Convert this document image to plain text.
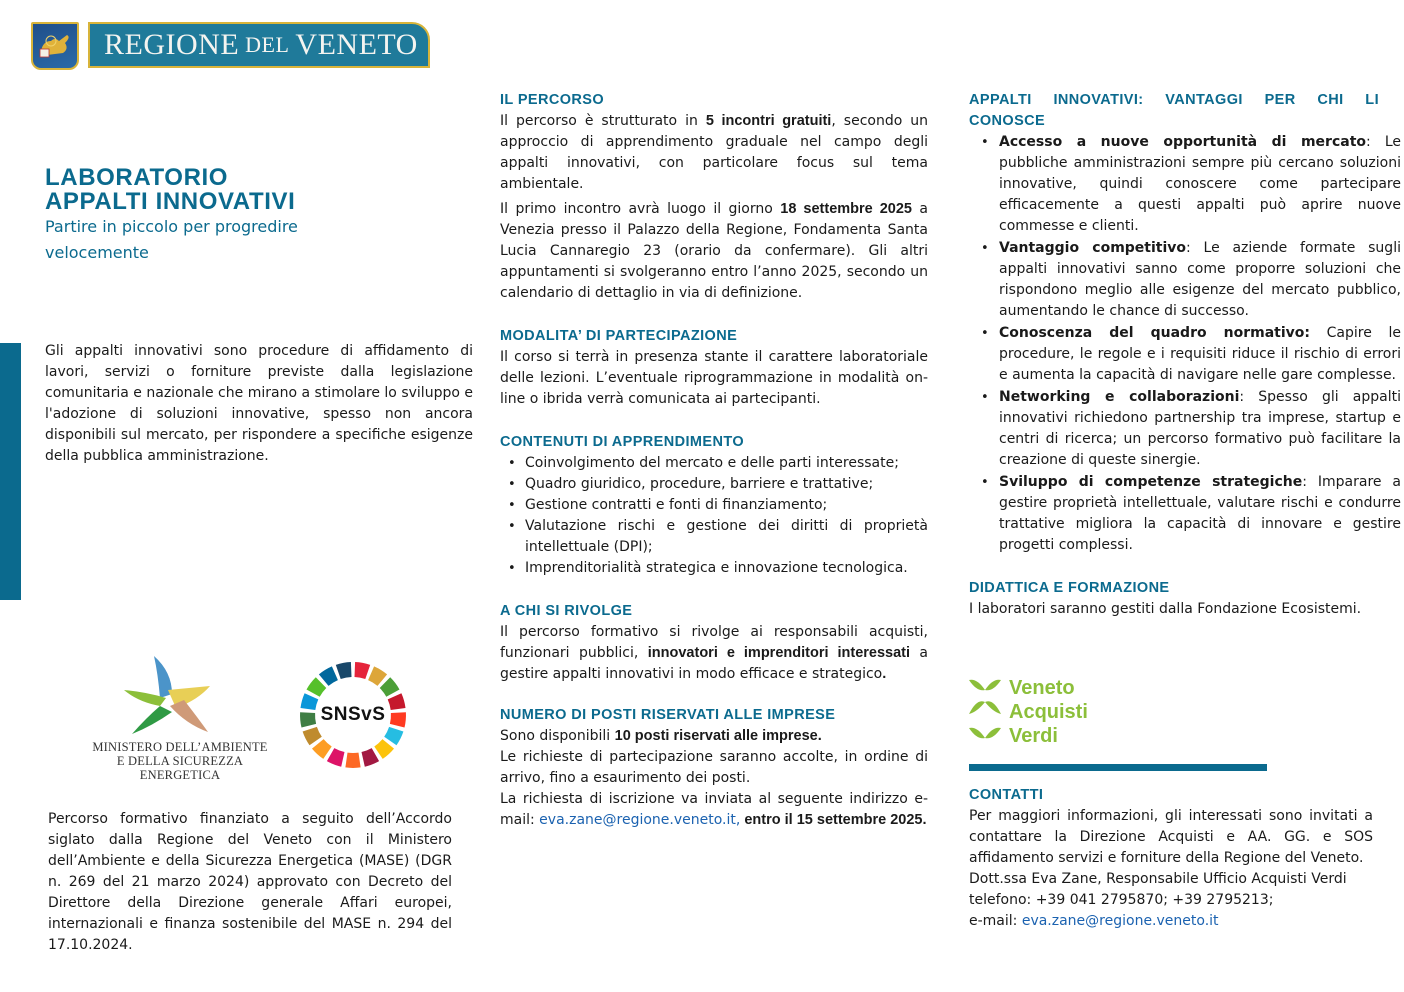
REGIONE DEL VENETO
LABORATORIO
APPALTI INNOVATIVI
Partire in piccolo per progredire velocemente

Gli appalti innovativi sono procedure di affidamento di lavori, servizi o forniture previste dalla legislazione comunitaria e nazionale che mirano a stimolare lo sviluppo e l'adozione di soluzioni innovative, spesso non ancora disponibili sul mercato, per rispondere a specifiche esigenze della pubblica amministrazione.

MINISTERO DELL’AMBIENTE
E DELLA SICUREZZA ENERGETICA
SNSvS

Percorso formativo finanziato a seguito dell’Accordo siglato dalla Regione del Veneto con il Ministero dell’Ambiente e della Sicurezza Energetica (MASE) (DGR n. 269 del 21 marzo 2024) approvato con Decreto del Direttore della Direzione generale Affari europei, internazionali e finanza sostenibile del MASE n. 294 del 17.10.2024.

IL PERCORSO

Il percorso è strutturato in 5 incontri gratuiti, secondo un approccio di apprendimento graduale nel campo degli appalti innovativi, con particolare focus sul tema ambientale.

Il primo incontro avrà luogo il giorno 18 settembre 2025 a Venezia presso il Palazzo della Regione, Fondamenta Santa Lucia Cannaregio 23 (orario da confermare). Gli altri appuntamenti si svolgeranno entro l’anno 2025, secondo un calendario di dettaglio in via di definizione.

MODALITA’ DI PARTECIPAZIONE

Il corso si terrà in presenza stante il carattere laboratoriale delle lezioni. L’eventuale riprogrammazione in modalità on-line o ibrida verrà comunicata ai partecipanti.

CONTENUTI DI APPRENDIMENTO
• Coinvolgimento del mercato e delle parti interessate;
• Quadro giuridico, procedure, barriere e trattative;
• Gestione contratti e fonti di finanziamento;
• Valutazione rischi e gestione dei diritti di proprietà intellettuale (DPI);
• Imprenditorialità strategica e innovazione tecnologica.
A CHI SI RIVOLGE

Il percorso formativo si rivolge ai responsabili acquisti, funzionari pubblici, innovatori e imprenditori interessati a gestire appalti innovativi in modo efficace e strategico.

NUMERO DI POSTI RISERVATI ALLE IMPRESE

Sono disponibili 10 posti riservati alle imprese.

Le richieste di partecipazione saranno accolte, in ordine di arrivo, fino a esaurimento dei posti.

La richiesta di iscrizione va inviata al seguente indirizzo e-mail: eva.zane@regione.veneto.it, entro il 15 settembre 2025.

APPALTI INNOVATIVI: VANTAGGI PER CHI LI CONOSCE
• Accesso a nuove opportunità di mercato: Le pubbliche amministrazioni sempre più cercano soluzioni innovative, quindi conoscere come partecipare efficacemente a questi appalti può aprire nuove commesse e clienti.
• Vantaggio competitivo: Le aziende formate sugli appalti innovativi sanno come proporre soluzioni che rispondono meglio alle esigenze del mercato pubblico, aumentando le chance di successo.
• Conoscenza del quadro normativo: Capire le procedure, le regole e i requisiti riduce il rischio di errori e aumenta la capacità di navigare nelle gare complesse.
• Networking e collaborazioni: Spesso gli appalti innovativi richiedono partnership tra imprese, startup e centri di ricerca; un percorso formativo può facilitare la creazione di queste sinergie.
• Sviluppo di competenze strategiche: Imparare a gestire proprietà intellettuale, valutare rischi e condurre trattative migliora la capacità di innovare e gestire progetti complessi.
DIDATTICA E FORMAZIONE

I laboratori saranno gestiti dalla Fondazione Ecosistemi.

Veneto
Acquisti
Verdi
CONTATTI

Per maggiori informazioni, gli interessati sono invitati a contattare la Direzione Acquisti e AA. GG. e SOS affidamento servizi e forniture della Regione del Veneto.

Dott.ssa Eva Zane, Responsabile Ufficio Acquisti Verdi

telefono: +39 041 2795870; +39 2795213;

e-mail: eva.zane@regione.veneto.it
